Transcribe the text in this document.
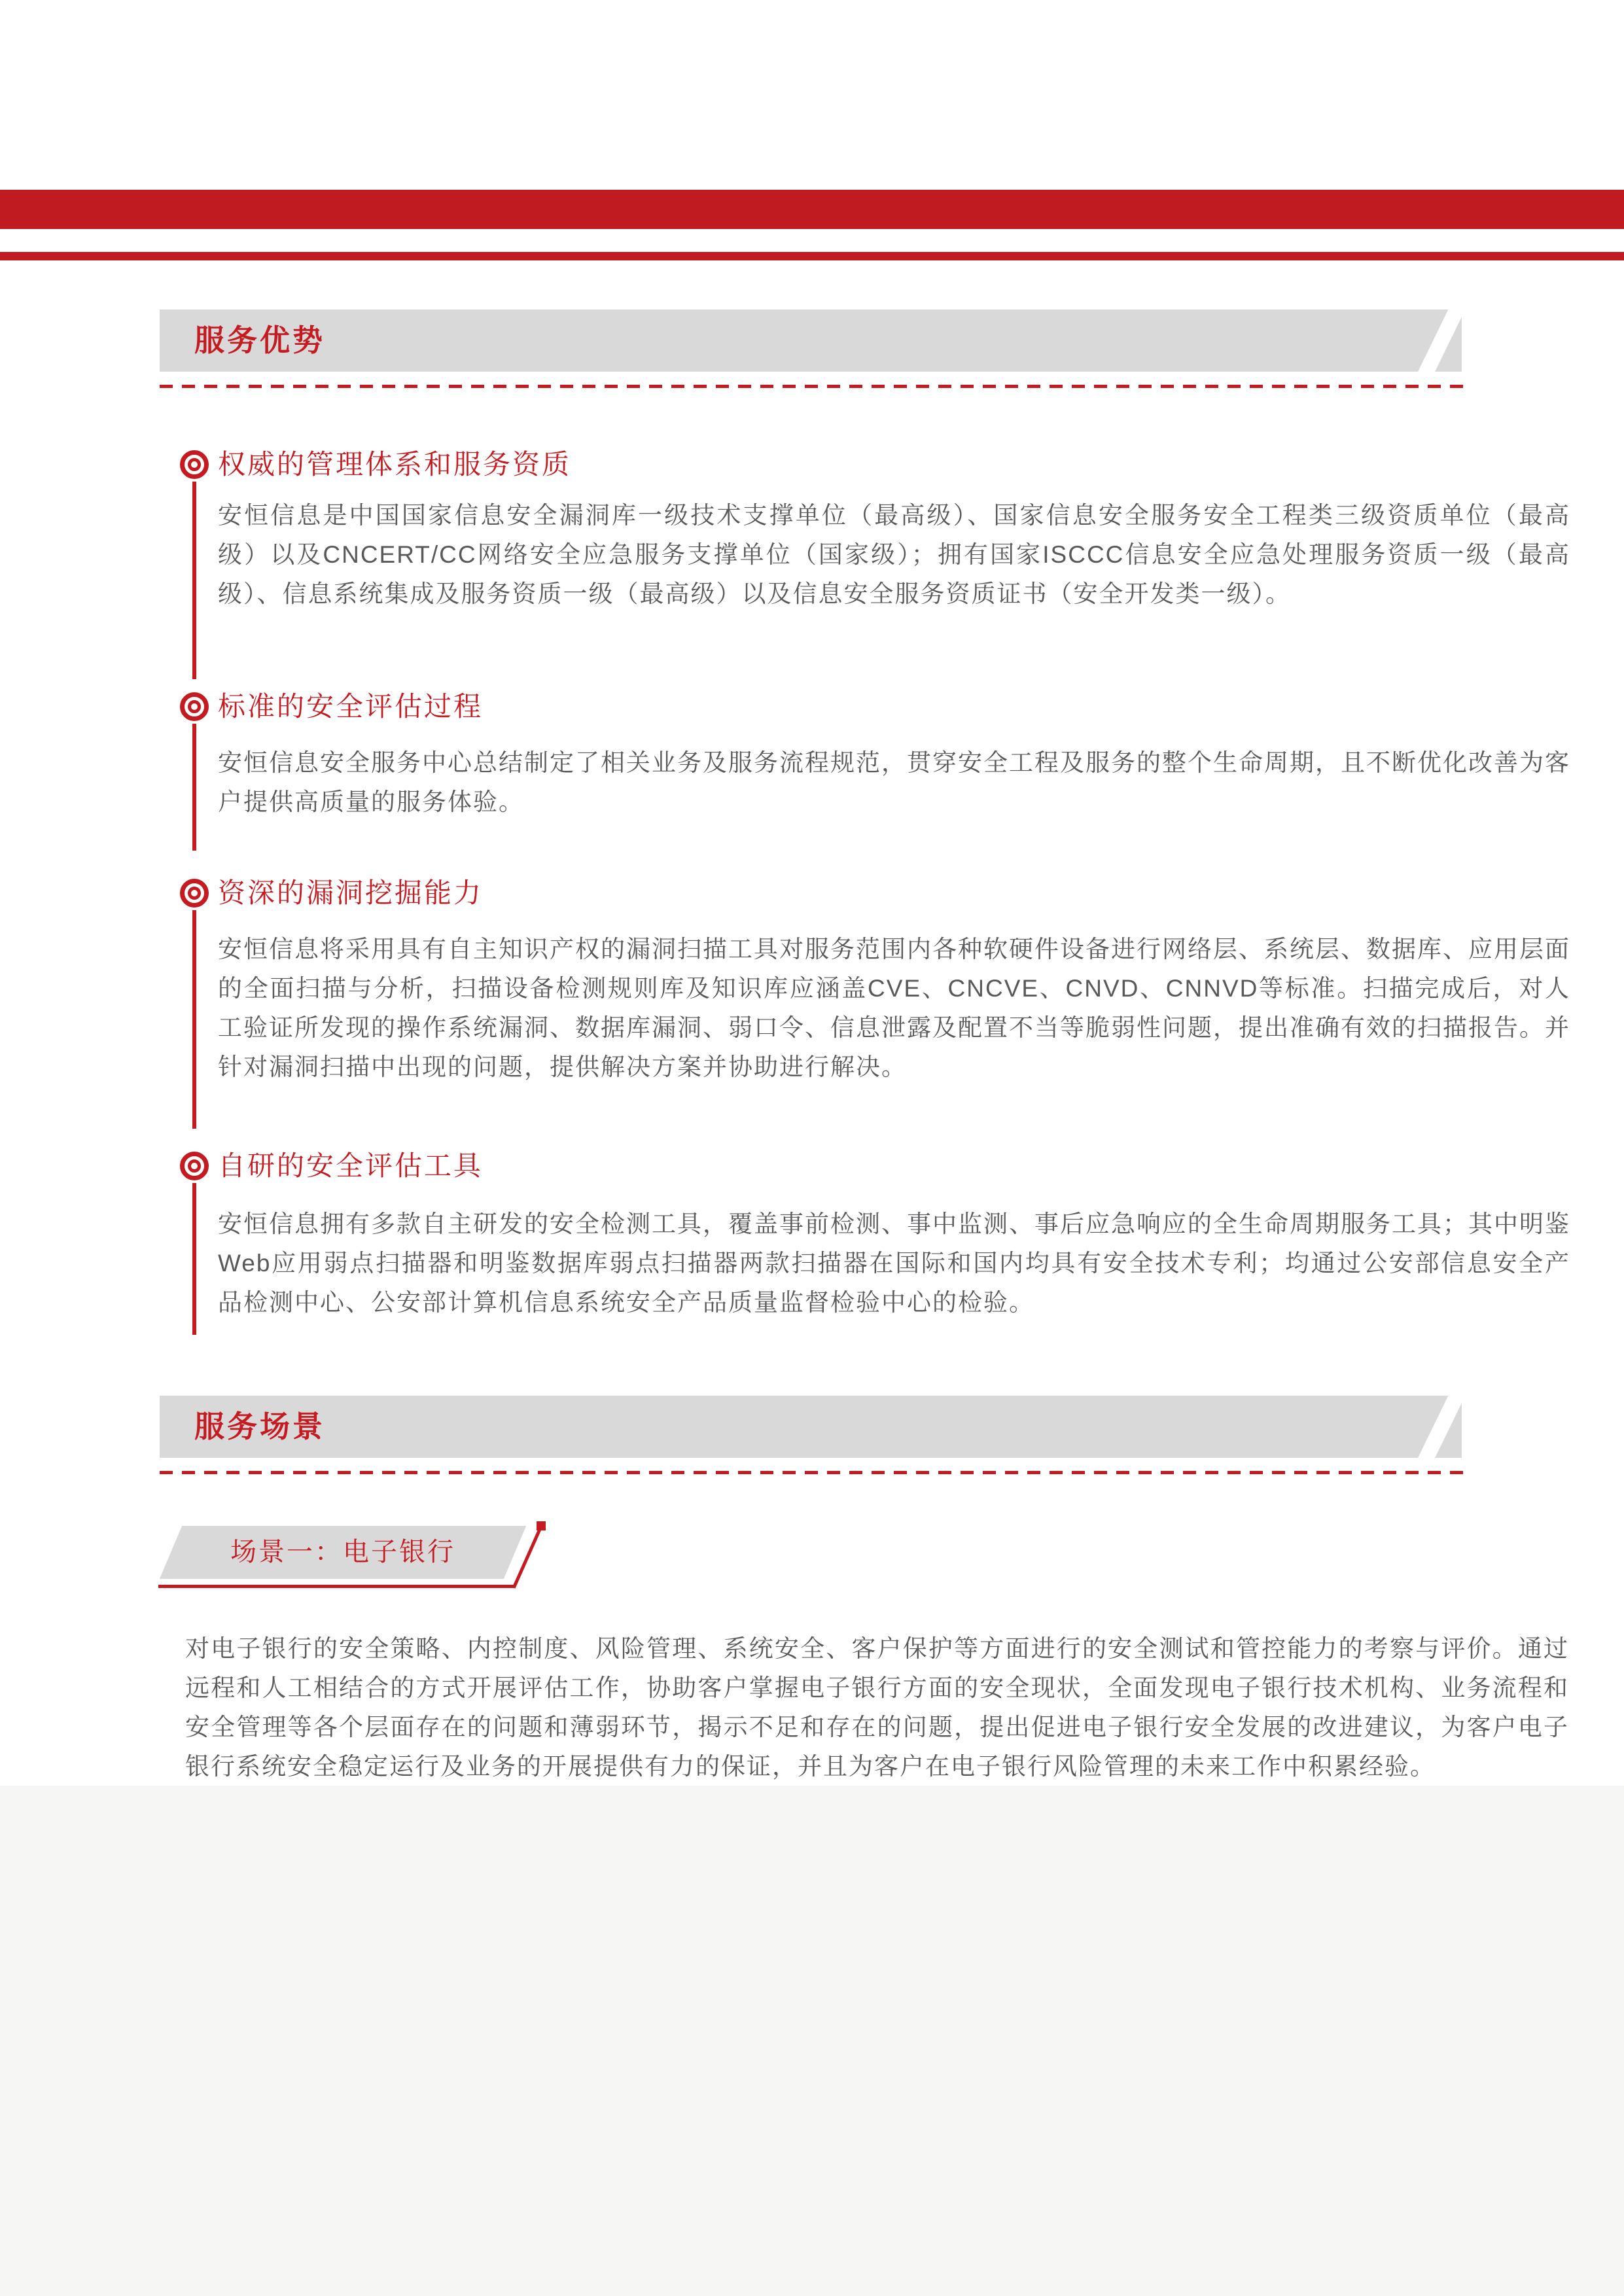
服务优势
权威的管理体系和服务资质
安恒信息是中国国家信息安全漏洞库一级技术支撑单位（最高级）、国家信息安全服务安全工程类三级资质单位（最高级）以及CNCERT/CC网络安全应急服务支撑单位（国家级）；拥有国家ISCCC信息安全应急处理服务资质一级（最高级）、信息系统集成及服务资质一级（最高级）以及信息安全服务资质证书（安全开发类一级）。
标准的安全评估过程
安恒信息安全服务中心总结制定了相关业务及服务流程规范，贯穿安全工程及服务的整个生命周期，且不断优化改善为客户提供高质量的服务体验。
资深的漏洞挖掘能力
安恒信息将采用具有自主知识产权的漏洞扫描工具对服务范围内各种软硬件设备进行网络层、系统层、数据库、应用层面的全面扫描与分析，扫描设备检测规则库及知识库应涵盖CVE、CNCVE、CNVD、CNNVD等标准。扫描完成后，对人工验证所发现的操作系统漏洞、数据库漏洞、弱口令、信息泄露及配置不当等脆弱性问题，提出准确有效的扫描报告。并针对漏洞扫描中出现的问题，提供解决方案并协助进行解决。
自研的安全评估工具
安恒信息拥有多款自主研发的安全检测工具，覆盖事前检测、事中监测、事后应急响应的全生命周期服务工具；其中明鉴Web应用弱点扫描器和明鉴数据库弱点扫描器两款扫描器在国际和国内均具有安全技术专利；均通过公安部信息安全产品检测中心、公安部计算机信息系统安全产品质量监督检验中心的检验。
服务场景
场景一：电子银行
对电子银行的安全策略、内控制度、风险管理、系统安全、客户保护等方面进行的安全测试和管控能力的考察与评价。通过远程和人工相结合的方式开展评估工作，协助客户掌握电子银行方面的安全现状，全面发现电子银行技术机构、业务流程和安全管理等各个层面存在的问题和薄弱环节，揭示不足和存在的问题，提出促进电子银行安全发展的改进建议，为客户电子银行系统安全稳定运行及业务的开展提供有力的保证，并且为客户在电子银行风险管理的未来工作中积累经验。
